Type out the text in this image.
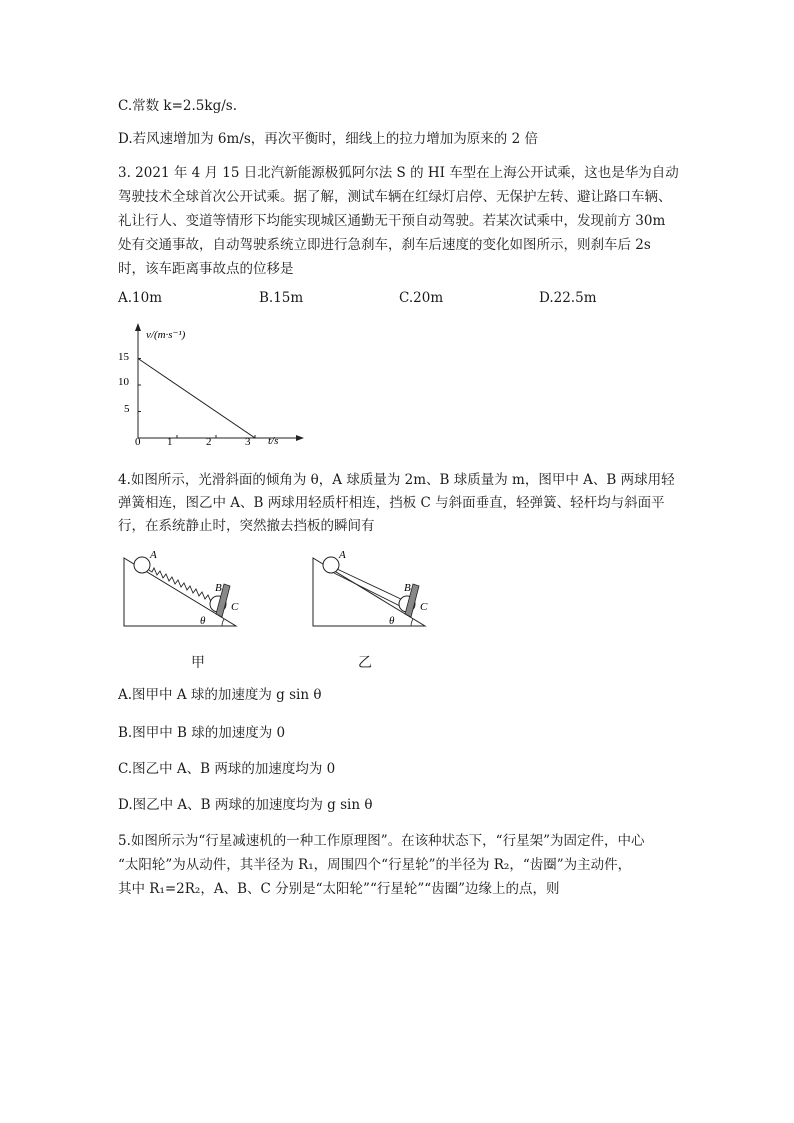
C.常数 k=2.5kg/s.
D.若风速增加为 6m/s，再次平衡时，细线上的拉力增加为原来的 2 倍
3. 2021 年 4 月 15 日北汽新能源极狐阿尔法 S 的 HI 车型在上海公开试乘，这也是华为自动
驾驶技术全球首次公开试乘。据了解，测试车辆在红绿灯启停、无保护左转、避让路口车辆、
礼让行人、变道等情形下均能实现城区通勤无干预自动驾驶。若某次试乘中，发现前方 30m
处有交通事故，自动驾驶系统立即进行急刹车，刹车后速度的变化如图所示，则刹车后 2s
时，该车距离事故点的位移是
A.10m	B.15m	C.20m	D.22.5m
v/(m·s⁻¹)
t/s
0
5
10
15
1	2	3
4.如图所示，光滑斜面的倾角为 θ，A 球质量为 2m、B 球质量为 m，图甲中 A、B 两球用轻
弹簧相连，图乙中 A、B 两球用轻质杆相连，挡板 C 与斜面垂直，轻弹簧、轻杆均与斜面平
行，在系统静止时，突然撤去挡板的瞬间有
A
B
C
θ
A
B
C
θ
甲	乙
A.图甲中 A 球的加速度为 g sin θ
B.图甲中 B 球的加速度为 0
C.图乙中 A、B 两球的加速度均为 0
D.图乙中 A、B 两球的加速度均为 g sin θ
5.如图所示为“行星减速机的一种工作原理图”。在该种状态下，“行星架”为固定件，中心
“太阳轮”为从动件，其半径为 R₁，周围四个“行星轮”的半径为 R₂，“齿圈”为主动件，
其中 R₁=2R₂，A、B、C 分别是“太阳轮”“行星轮”“齿圈”边缘上的点，则
